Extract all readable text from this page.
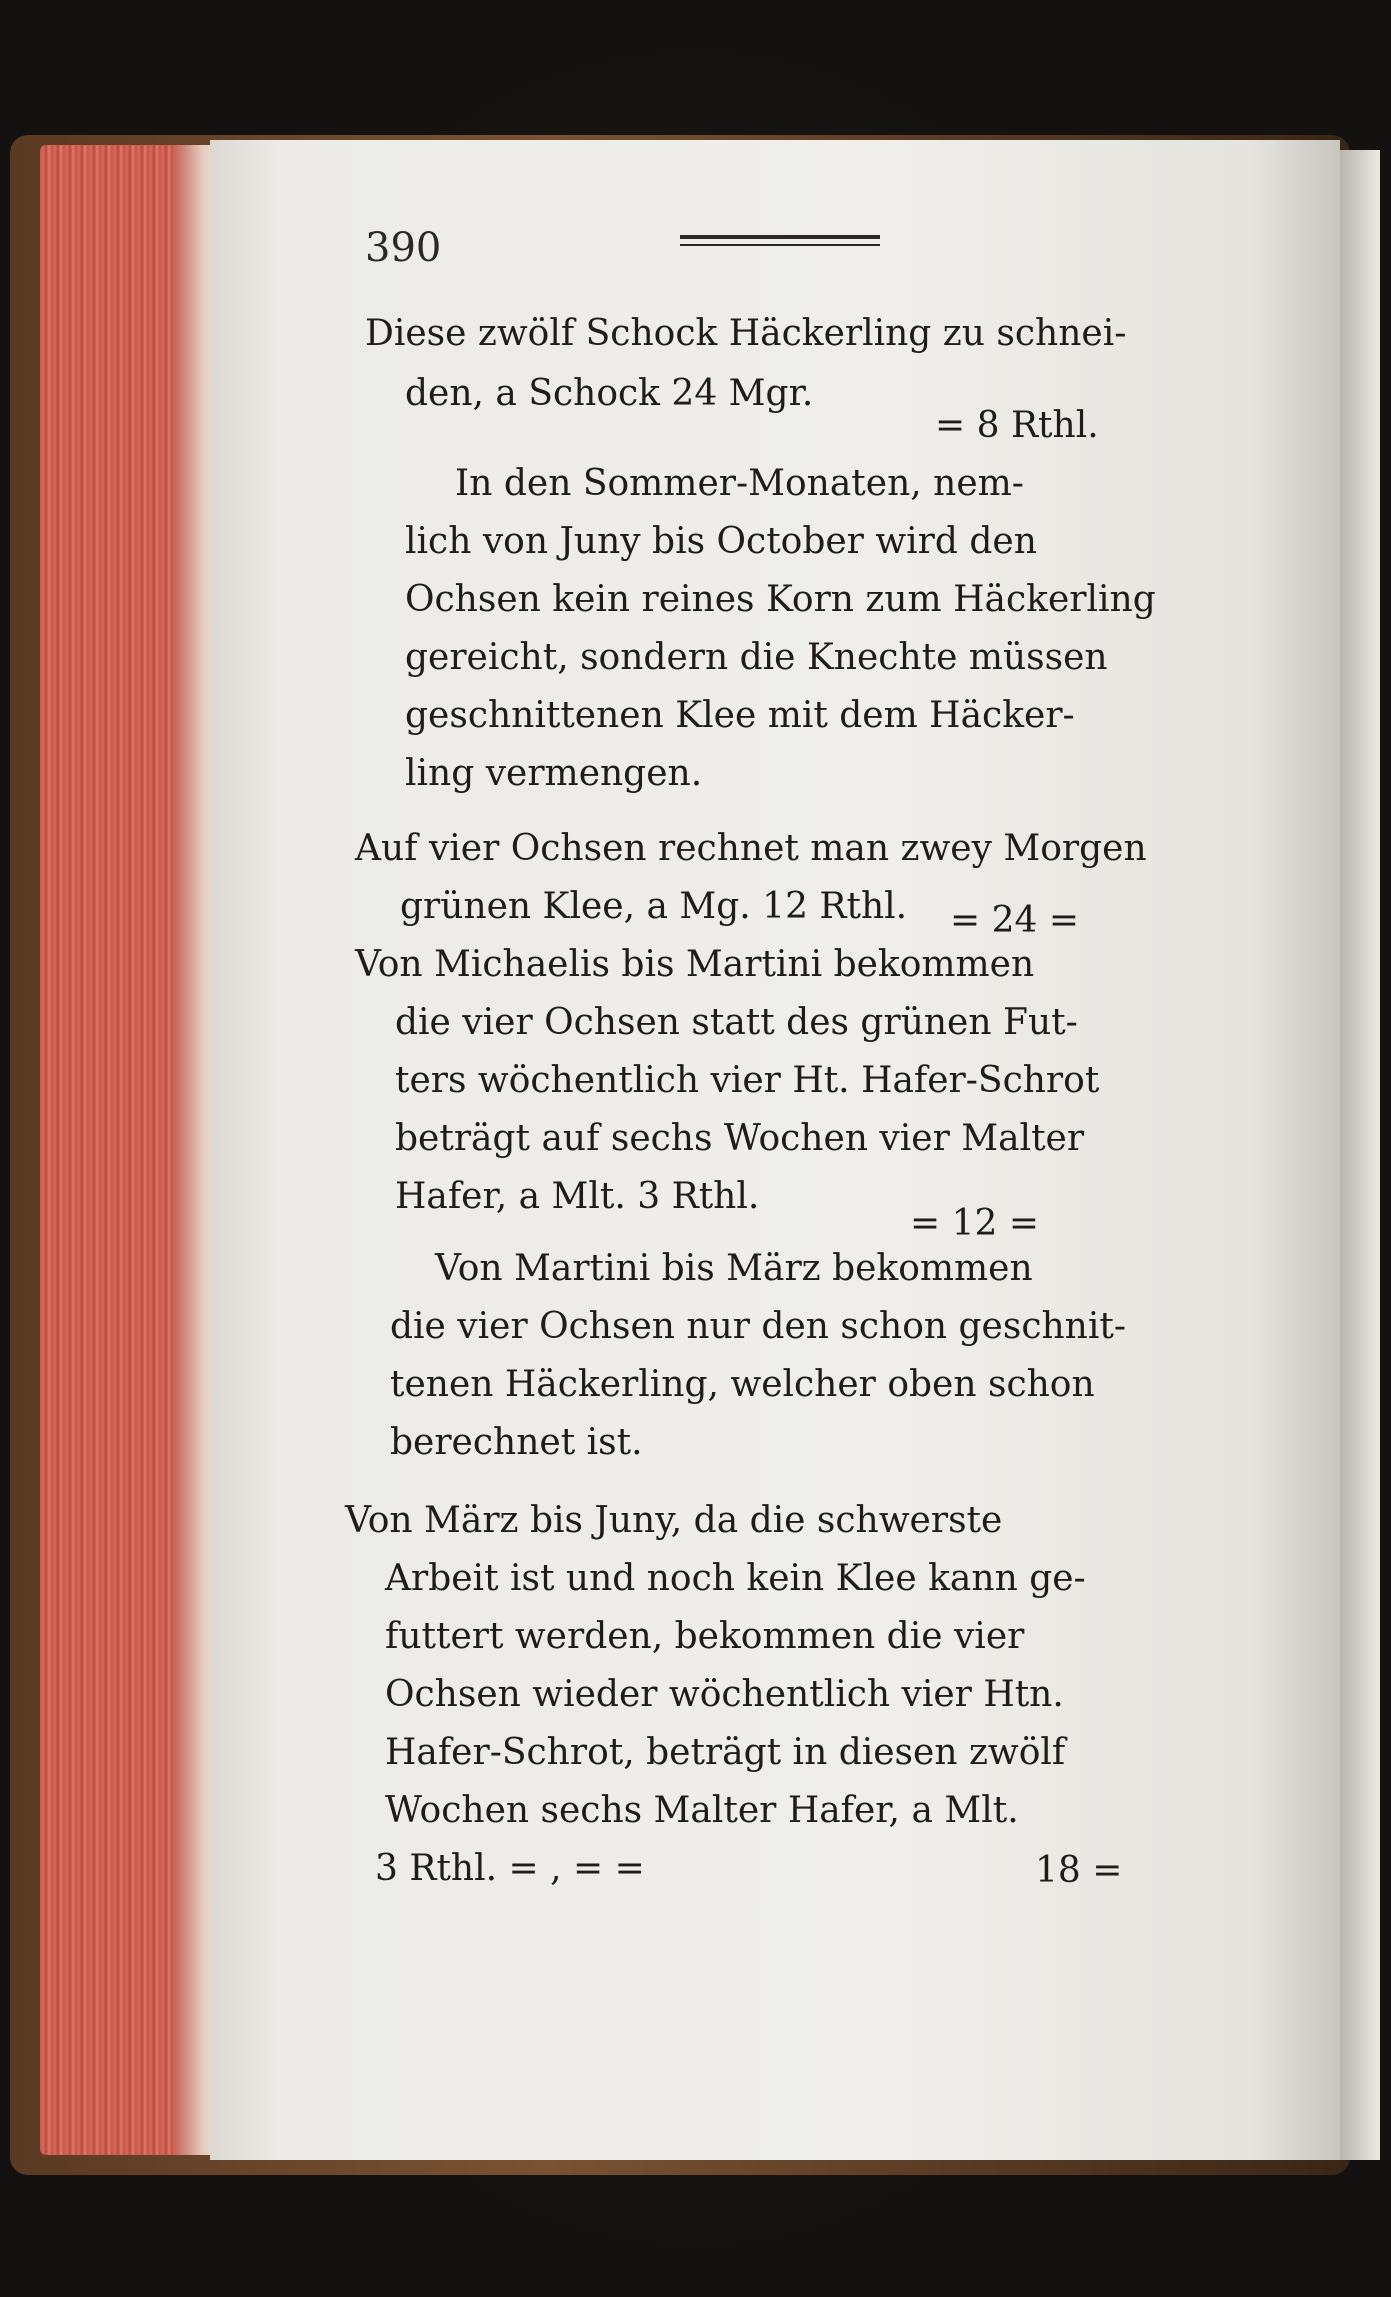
390
Diese zwölf Schock Häckerling zu schnei-
den, a Schock 24 Mgr.
= 8 Rthl.
In den Sommer-Monaten, nem-
lich von Juny bis October wird den
Ochsen kein reines Korn zum Häckerling
gereicht, sondern die Knechte müssen
geschnittenen Klee mit dem Häcker-
ling vermengen.
Auf vier Ochsen rechnet man zwey Morgen
grünen Klee, a Mg. 12 Rthl. = 24 =
Von Michaelis bis Martini bekommen
die vier Ochsen statt des grünen Fut-
ters wöchentlich vier Ht. Hafer-Schrot
beträgt auf sechs Wochen vier Malter
Hafer, a Mlt. 3 Rthl.
= 12 =
Von Martini bis März bekommen
die vier Ochsen nur den schon geschnit-
tenen Häckerling, welcher oben schon
berechnet ist.
Von März bis Juny, da die schwerste
Arbeit ist und noch kein Klee kann ge-
futtert werden, bekommen die vier
Ochsen wieder wöchentlich vier Htn.
Hafer-Schrot, beträgt in diesen zwölf
Wochen sechs Malter Hafer, a Mlt.
3 Rthl. = , = =	18 =
